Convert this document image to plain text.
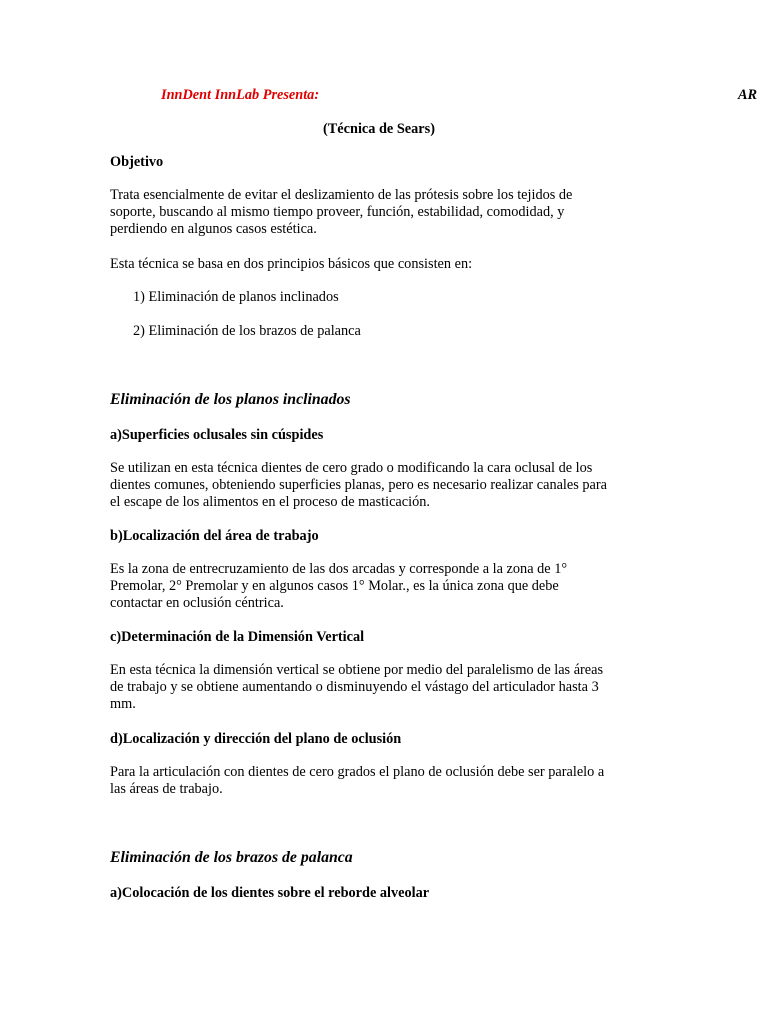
InnDent InnLab Presenta:	AR
(Técnica de Sears)
Objetivo
Trata esencialmente de evitar el deslizamiento de las prótesis sobre los tejidos de
soporte, buscando al mismo tiempo proveer, función, estabilidad, comodidad, y
perdiendo en algunos casos estética.
Esta técnica se basa en dos principios básicos que consisten en:
1) Eliminación de planos inclinados
2) Eliminación de los brazos de palanca
Eliminación de los planos inclinados
a)Superficies oclusales sin cúspides
Se utilizan en esta técnica dientes de cero grado o modificando la cara oclusal de los
dientes comunes, obteniendo superficies planas, pero es necesario realizar canales para
el escape de los alimentos en el proceso de masticación.
b)Localización del área de trabajo
Es la zona de entrecruzamiento de las dos arcadas y corresponde a la zona de 1°
Premolar, 2° Premolar y en algunos casos 1° Molar., es la única zona que debe
contactar en oclusión céntrica.
c)Determinación de la Dimensión Vertical
En esta técnica la dimensión vertical se obtiene por medio del paralelismo de las áreas
de trabajo y se obtiene aumentando o disminuyendo el vástago del articulador hasta 3
mm.
d)Localización y dirección del plano de oclusión
Para la articulación con dientes de cero grados el plano de oclusión debe ser paralelo a
las áreas de trabajo.
Eliminación de los brazos de palanca
a)Colocación de los dientes sobre el reborde alveolar
